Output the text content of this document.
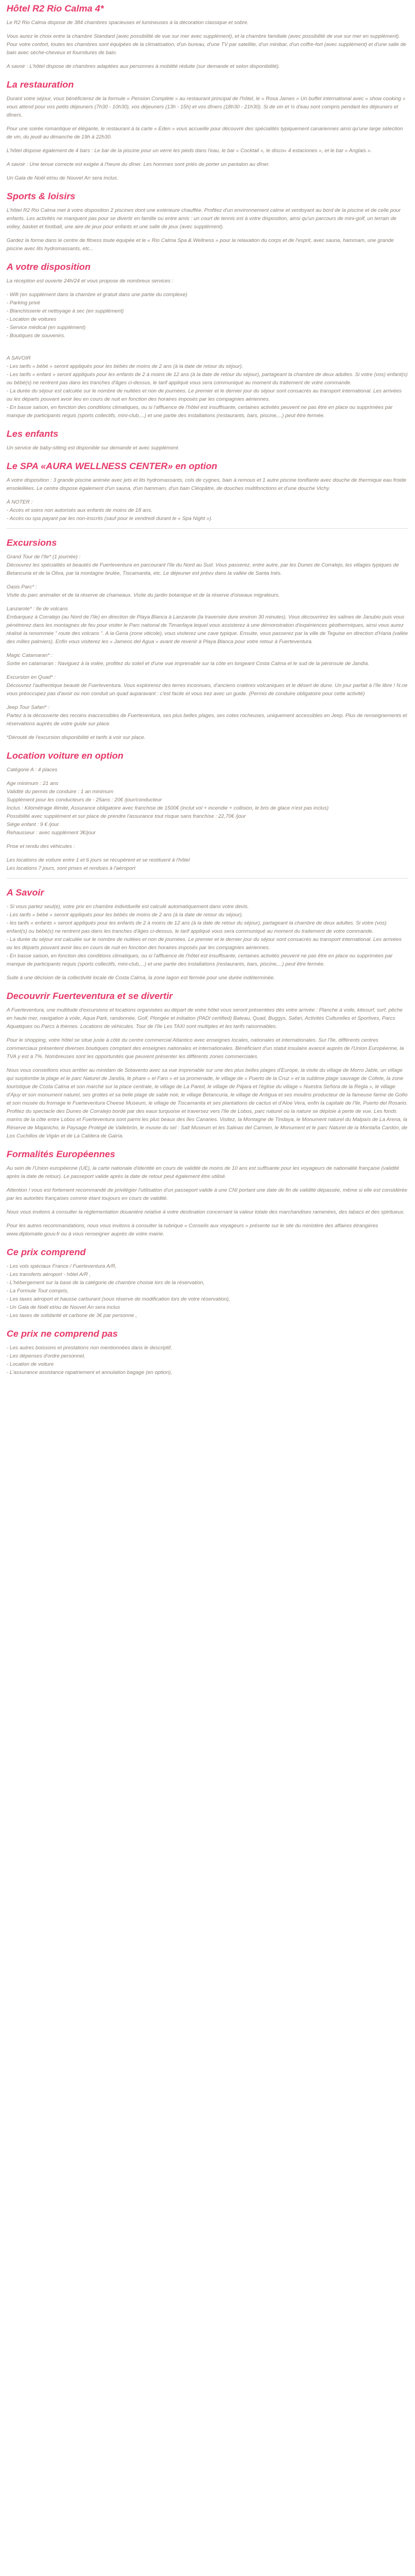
Hôtel R2 Rio Calma 4*

Le R2 Rio Calma dispose de 384 chambres spacieuses et lumineuses à la décoration classique et sobre.

Vous aurez le choix entre la chambre Standard (avec possibilité de vue sur mer avec supplément), et la chambre familiale (avec possibilité de vue sur mer en supplément). Pour votre confort, toutes les chambres sont équipées de la climatisation, d'un bureau, d'une TV par satellite, d'un minibar, d'un coffre-fort (avec supplément) et d'une salle de bain avec sèche-cheveux et fournitures de bain.

A savoir : L'hôtel dispose de chambres adaptées aux personnes à mobilité réduite (sur demande et selon disponibilité).

La restauration

Durant votre séjour, vous bénéficierez de la formule « Pension Complète » au restaurant principal de l'hôtel, le « Rosa James » Un buffet international avec « show cooking » vous attend pour vos petits déjeuners (7h30 - 10h30), vos déjeuners (13h - 15h) et vos dîners (18h30 - 21h30). Si de vin et ½ d'eau sont compris pendant les déjeuners et dîners.

Pour une soirée romantique et élégante, le restaurant à la carte « Eden » vous accueille pour découvrir des spécialités typiquement canariennes ainsi qu'une large sélection de vin, du jeudi au dimanche de 19h à 22h30.

L'hôtel dispose également de 4 bars : Le bar de la piscine pour un verre les pieds dans l'eau, le bar « Cocktail », le disco« 4 estaciones », et le bar « Anglais ».

A savoir : Une tenue correcte est exigée à l'heure du dîner. Les hommes sont priés de porter un pantalon au dîner.

Un Gala de Noël et/ou de Nouvel An sera inclus.

Sports & loisirs

L'hôtel R2 Rio Calma met à votre disposition 2 piscines dont une extérieure chauffée. Profitez d'un environnement calme et verdoyant au bord de la piscine et de celle pour enfants. Les activités ne manquent pas pour se divertir en famille ou entre amis : un court de tennis est à votre disposition, ainsi qu'un parcours de mini-golf, un terrain de volley, basket et football, une aire de jeux pour enfants et une salle de jeux (avec supplément).

Gardez la forme dans le centre de fitness toute équipée et le « Rio Calma Spa & Wellness » pour la relaxation du corps et de l'esprit, avec sauna, hammam, une grande piscine avec lits hydromassants, etc...

A votre disposition

La réception est ouverte 24h/24 et vous propose de nombreux services :

- Wifi (en supplément dans la chambre et gratuit dans une partie du complexe)
- Parking privé
- Blanchisserie et nettoyage à sec (en supplément)
- Location de voitures
- Service médical (en supplément)
- Boutiques de souvenirs.

A SAVOIR

- Les tarifs « bébé » seront appliqués pour les bébés de moins de 2 ans (à la date de retour du séjour).
- Les tarifs « enfant » seront appliqués pour les enfants de 2 à moins de 12 ans (à la date de retour du séjour), partageant la chambre de deux adultes. Si votre (vos) enfant(s) ou bébé(s) ne rentrent pas dans les tranches d'âges ci-dessus, le tarif appliqué vous sera communiqué au moment du traitement de votre commande.
- La durée du séjour est calculée sur le nombre de nuitées et non de journées. Le premier et le dernier jour du séjour sont consacrés au transport international. Les arrivées ou les départs pouvant avoir lieu en cours de nuit en fonction des horaires imposés par les compagnies aériennes.
- En basse saison, en fonction des conditions climatiques, ou si l'affluence de l'hôtel est insuffisante, certaines activités peuvent ne pas être en place ou supprimées par manque de participants requis (sports collectifs, mini-club,...) et une partie des installations (restaurants, bars, piscine,...) peut être fermée.
Les enfants

Un service de baby-sitting est disponible sur demande et avec supplément.

Le SPA «AURA WELLNESS CENTER» en option

A votre disposition : 3 grande piscine animée avec jets et lits hydromassants, cols de cygnes, bain à remous et 1 autre piscine tonifiante avec douche de thermique eau froide ensoleillées. Le centre dispose également d'un sauna, d'un hammam, d'un bain Cléopâtre, de douches multifonctions et d'une douche Vichy.

À NOTER :

- Accès et soins non autorisés aux enfants de moins de 18 ans.
- Accès ou spa payant par les non-inscrits (sauf pour le vendredi durant le « Spa Night »).
Excursions

Grand Tour de l'île* (1 journée) :
Découvrez les spécialités et beautés de Fuerteventura en parcourant l'île du Nord au Sud. Vous passerez, entre autre, par les Dunes de Corralejo, les villages typiques de Betancuria et de la Oliva, par la montagne brulée, Tiscamanita, etc. Le déjeuner est prévu dans la vallée de Santa Inés.

Oasis Parc* :
Visite du parc animalier et de la réserve de chameaux. Visite du jardin botanique et de la réserve d'oiseaux migrateurs.

Lanzarote* : île de volcans
Embarquez à Corralejo (au Nord de l'île) en direction de Playa Blanca à Lanzarote (la traversée dure environ 30 minutes). Vous découvrirez les salines de Janubio puis vous pénétrerez dans les montagnes de feu pour visiter le Parc national de Timanfaya lequel vous assisterez à une démonstration d'expériences géothermiques, ainsi vous aurez réalisé la renommée " route des volcans ". A la Geria (zone viticole), vous visiterez une cave typique. Ensuite, vous passerez par la ville de Teguise en direction d'Haria (vallée des milles palmiers). Enfin vous visiterez les « Jameos del Agua » avant de revenir à Playa Blanca pour votre retour à Fuerteventura.

Magic Catamaran* :
Sortie en catamaran : Naviguez à la volée, profitez du soleil et d'une vue imprenable sur la côte en longeant Costa Calma et le sud de la péninsule de Jandía.

Excursion en Quad* :
Découvrez l'authentique beauté de Fuerteventura. Vous explorerez des terres inconnues, d'anciens cratères volcaniques et le désert de dune. Un jour parfait à l'île libre ! N.ne vous préoccupez pas d'avoir ou non conduit un quad auparavant : c'est facile et vous irez avec un guide. (Permis de conduire obligatoire pour cette activité)

Jeep Tour Safari* :
Partez à la découverte des recoins inaccessibles de Fuerteventura, ses plus belles plages, ses cotes rocheuses, uniquement accessibles en Jeep. Plus de renseignements et réservations auprès de votre guide sur place.

*Dérouté de l'excursion disponibilité et tarifs à voir sur place.

Location voiture en option

Catégorie A : 4 places

Age minimum : 21 ans
Validité du permis de conduire : 1 an minimum
Supplément pour les conducteurs de - 25ans : 20€ /jour/conducteur
Inclus : Kilométrage illimité, Assurance obligatoire avec franchise de 1500€ (inclut vol + incendie + collision, le bris de glace n'est pas inclus)
Possibilité avec supplément et sur place de prendre l'assurance tout risque sans franchise : 22,70€ /jour
Siège enfant : 9 € /jour
Rehausseur : avec supplément 3€/jour

Prise et rendu des véhicules :

Les locations de voiture entre 1 et 6 jours se récupèrent et se restituent à l'hôtel
Les locations 7 jours, sont prises et rendues à l'aéroport
A Savoir
- Si vous partez seul(e), votre prix en chambre individuelle est calculé automatiquement dans votre devis.
- Les tarifs « bébé » seront appliqués pour les bébés de moins de 2 ans (à la date de retour du séjour).
- les tarifs « enfants » seront appliqués pour les enfants de 2 à moins de 12 ans (à la date de retour du séjour), partageant la chambre de deux adultes. Si votre (vos) enfant(s) ou bébé(s) ne rentrent pas dans les tranches d'âges ci-dessus, le tarif appliqué vous sera communiqué au moment du traitement de votre commande.
- La durée du séjour est calculée sur le nombre de nuitées et non de journées. Le premier et le dernier jour du séjour sont consacrés au transport international. Les arrivées ou les départs pouvant avoir lieu en cours de nuit en fonction des horaires imposés par les compagnies aériennes.
- En basse saison, en fonction des conditions climatiques, ou si l'affluence de l'hôtel est insuffisante, certaines activités peuvent ne pas être en place ou supprimées par manque de participants requis (sports collectifs, mini-club,...) et une partie des installations (restaurants, bars, piscine,...) peut être fermée.

Suite à une décision de la collectivité locale de Costa Calma, la zone lagon est fermée pour une durée indéterminée.

Decouvrir Fuerteventura et se divertir

A Fuerteventura, une multitude d'excursions et locations organisées au départ de votre hôtel vous seront présentées dès votre arrivée : Planche à voile, kitesurf, surf, pêche en haute mer, navigation à voile, Aqua Park, randonnée, Golf, Plongée et initiation (PADI certified) Bateau, Quad, Buggys, Safari, Activités Culturelles et Sportives, Parcs Aquatiques ou Parcs à thèmes. Locations de véhicules. Tour de l'île Les TAXI sont multiples et les tarifs raisonnables.

Pour le shopping, votre hôtel se situe juste à côté du centre commercial Atlantico avec enseignes locales, nationales et internationales. Sur l'île, différents centres commerciaux présentent diverses boutiques comptant des enseignes nationales et internationales. Bénéficiant d'un statut insulaire avancé auprès de l'Union Européenne, la TVA y est à 7%. Nombreuses sont les opportunités que peuvent présenter les différents zones commerciales.

Nous vous conseillons vous arrêter au minidam de Sotavento avec sa vue imprenable sur une des plus belles plages d'Europe, la visite du village de Morro Jable, un village qui surplombe la plage et le parc Naturel de Jandía, le phare « el Faro » et sa promenade, le village de « Puerto de la Cruz » et la sublime plage sauvage de Cofete, la zone touristique de Costa Calma et son marché sur la place centrale, le village de La Pared, le village de Pájara et l'église du village « Nuestra Señora de la Regla », le village d'Ajuy et son monument naturel, ses grottes et sa belle plage de sable noir, le village Betancuria, le village de Antigua et ses moulins producteur de la fameuse farine de Gofio et son musée du fromage le Fuerteventura Cheese Museum, le village de Tiscamanita et ses plantations de cactus et d'Aloe Vera, enfin la capitale de l'île, Puerto del Rosario. Profitez du spectacle des Dunes de Corralejo bordé par des eaux turquoise et traversez vers l'île de Lobos, parc naturel où la nature se déploie à perte de vue. Les fonds marins de la côte entre Lobos et Fuerteventura sont parmi les plus beaux des îles Canaries. Visitez, la Montagne de Tindaya, le Monument naturel du Malpaís de La Arena, la Réserve de Majanicho, le Paysage Protégé de Vallebrón, le musée du sel : Salt Museum et les Salinas del Carmen, le Monument et le parc Naturel de la Montaña Cardón, de Los Cuchillos de Vigán et de La Caldera de Gairía.

Formalités Européennes

Au sein de l'Union européenne (UE), la carte nationale d'identité en cours de validité de moins de 10 ans est suffisante pour les voyageurs de nationalité française (validité après la date de retour). Le passeport valide après la date de retour peut également être utilisé.

Attention ! vous est fortement recommandé de privilégier l'utilisation d'un passeport valide à une CNI portant une date de fin de validité dépassée, même si elle est considérée par les autorités françaises comme étant toujours en cours de validité.

Nous vous invitons à consulter la réglementation douanière relative à votre destination concernant la valeur totale des marchandises ramenées, des tabacs et des spiritueux.

Pour les autres recommandations, nous vous invitons à consulter la rubrique « Conseils aux voyageurs » présente sur le site du ministère des affaires étrangères www.diplomatie.gouv.fr ou à vous renseigner auprès de votre mairie.

Ce prix comprend
- Les vols spéciaux France / Fuerteventura A/R,
- Les transferts aéroport - hôtel A/R ,
- L'hébergement sur la base de la catégorie de chambre choisie lors de la réservation,
- La Formule Tout compris,
- Les taxes aéroport et hausse carburant (sous réserve de modification lors de votre réservation),
- Un Gala de Noël et/ou de Nouvel An sera inclus
- Les taxes de solidarité et carbone de 3€ par personne ,
Ce prix ne comprend pas
- Les autres boissons et prestations non mentionnées dans le descriptif,
- Les dépenses d'ordre personnel,
- Location de voiture
- L'assurance assistance rapatriement et annulation bagage (en option),
